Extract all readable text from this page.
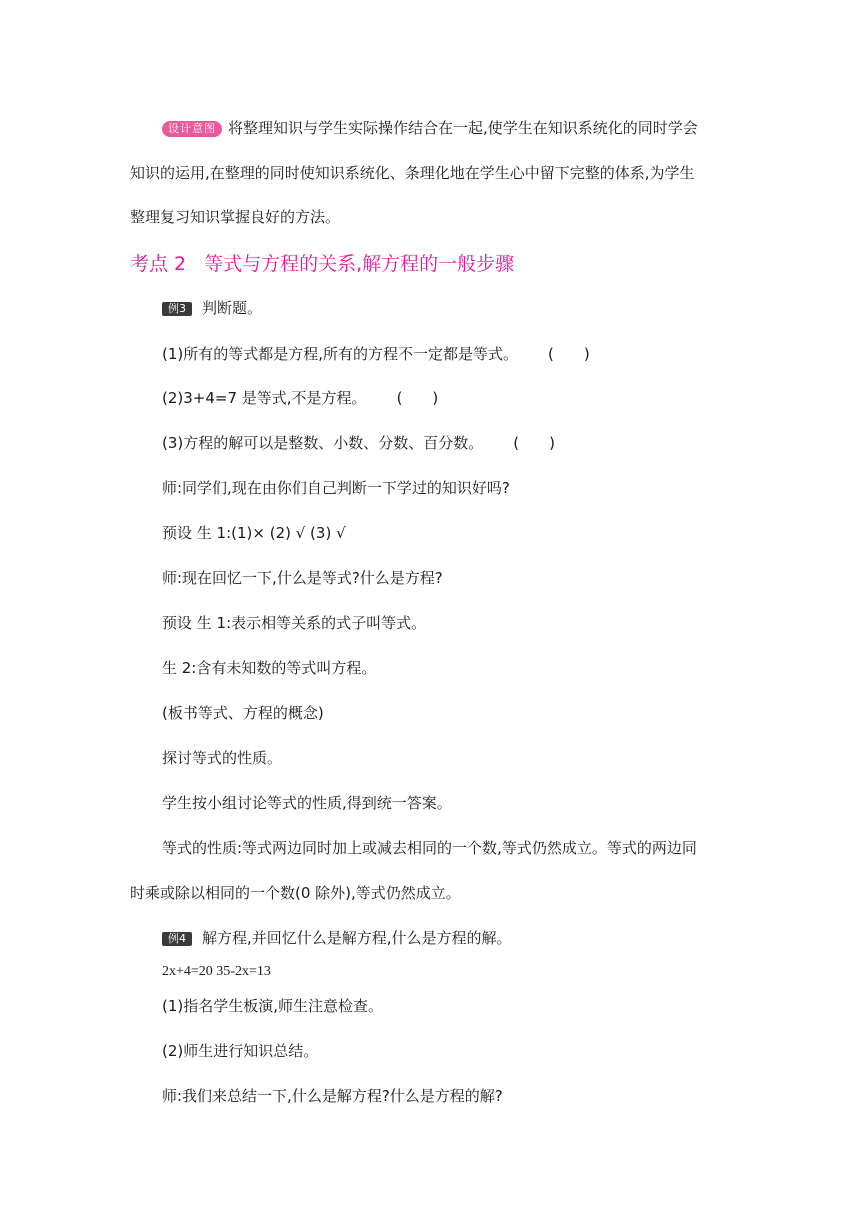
设计意图 将整理知识与学生实际操作结合在一起,使学生在知识系统化的同时学会
知识的运用,在整理的同时使知识系统化、条理化地在学生心中留下完整的体系,为学生
整理复习知识掌握良好的方法。
考点 2 等式与方程的关系,解方程的一般步骤
例3 判断题。
(1)所有的等式都是方程,所有的方程不一定都是等式。 (　　)
(2)3+4=7 是等式,不是方程。 (　　)
(3)方程的解可以是整数、小数、分数、百分数。 (　　)
师:同学们,现在由你们自己判断一下学过的知识好吗?
预设 生 1:(1)× (2) √ (3) √
师:现在回忆一下,什么是等式?什么是方程?
预设 生 1:表示相等关系的式子叫等式。
生 2:含有未知数的等式叫方程。
(板书等式、方程的概念)
探讨等式的性质。
学生按小组讨论等式的性质,得到统一答案。
等式的性质:等式两边同时加上或减去相同的一个数,等式仍然成立。等式的两边同
时乘或除以相同的一个数(0 除外),等式仍然成立。
例4 解方程,并回忆什么是解方程,什么是方程的解。
2x+4=20 35-2x=13
(1)指名学生板演,师生注意检查。
(2)师生进行知识总结。
师:我们来总结一下,什么是解方程?什么是方程的解?
